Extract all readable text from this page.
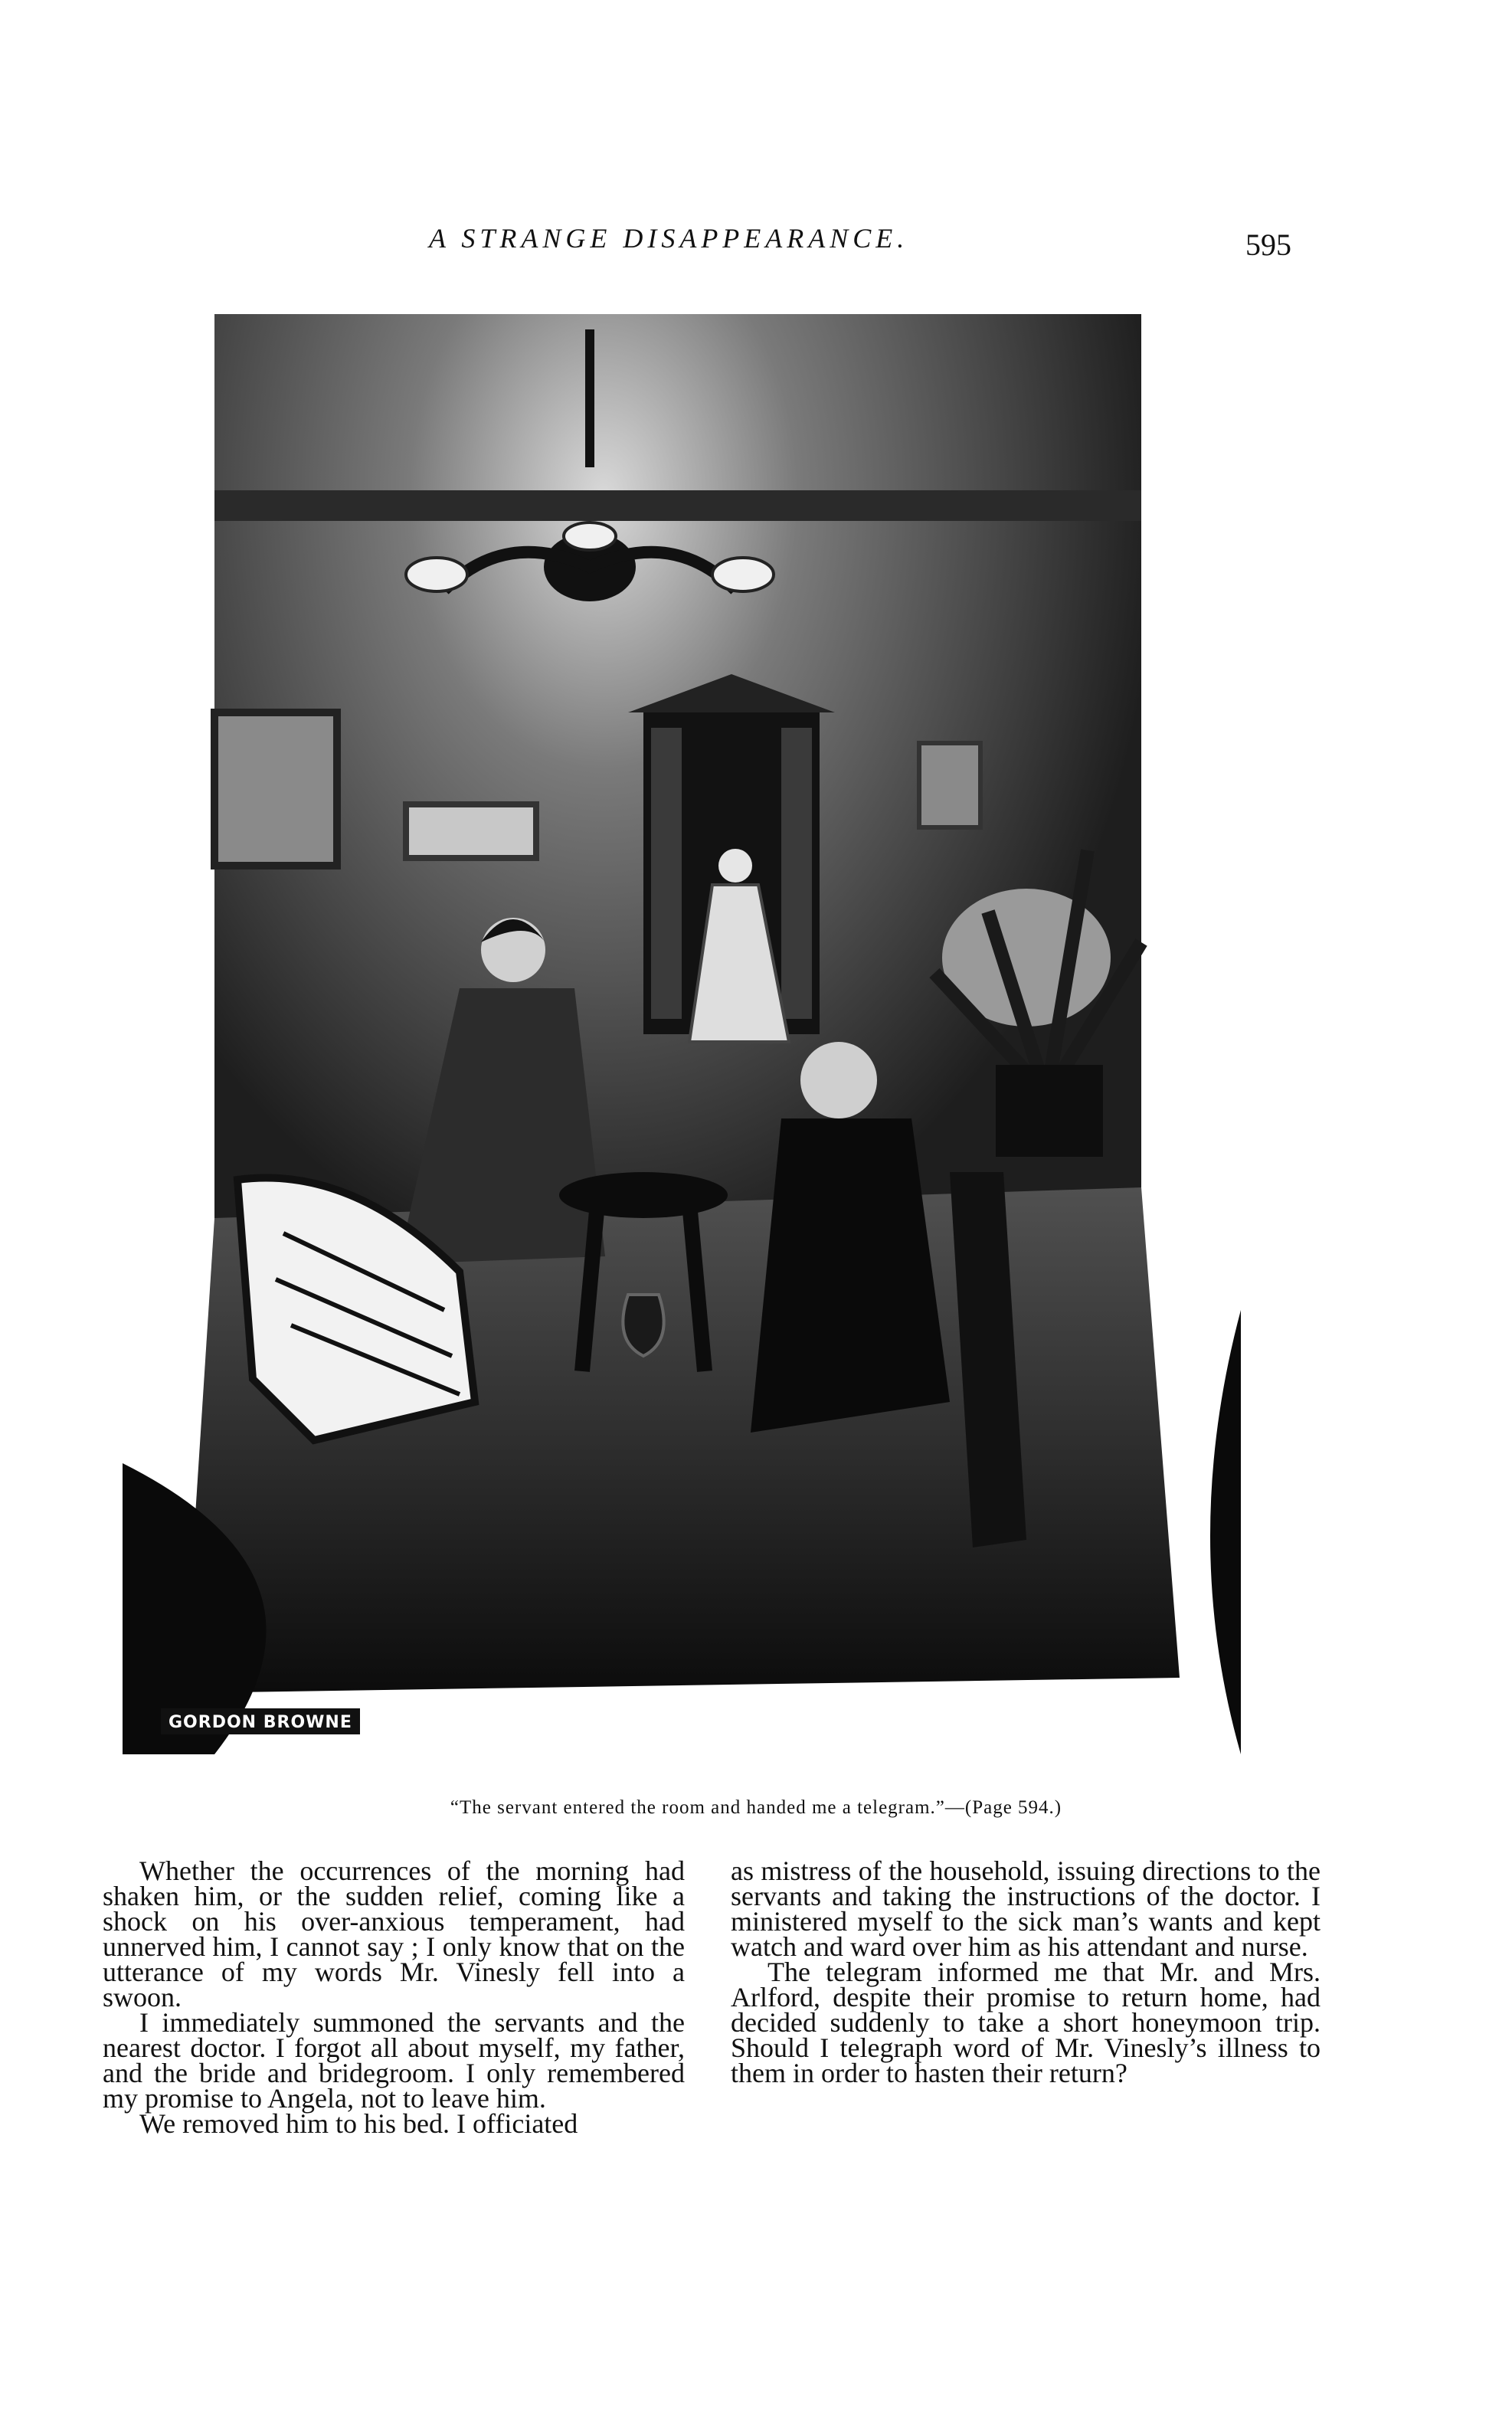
A STRANGE DISAPPEARANCE.	595
GORDON BROWNE
“The servant entered the room and handed me a telegram.”—(Page 594.)

Whether the occurrences of the morning had shaken him, or the sudden relief, coming like a shock on his over-anxious temperament, had unnerved him, I cannot say ; I only know that on the utterance of my words Mr. Vinesly fell into a swoon.

I immediately summoned the servants and the nearest doctor. I forgot all about myself, my father, and the bride and bridegroom. I only remembered my promise to Angela, not to leave him.

We removed him to his bed. I officiated

as mistress of the household, issuing directions to the servants and taking the instructions of the doctor. I ministered myself to the sick man’s wants and kept watch and ward over him as his attendant and nurse.

The telegram informed me that Mr. and Mrs. Arlford, despite their promise to return home, had decided suddenly to take a short honeymoon trip. Should I telegraph word of Mr. Vinesly’s illness to them in order to hasten their return?
